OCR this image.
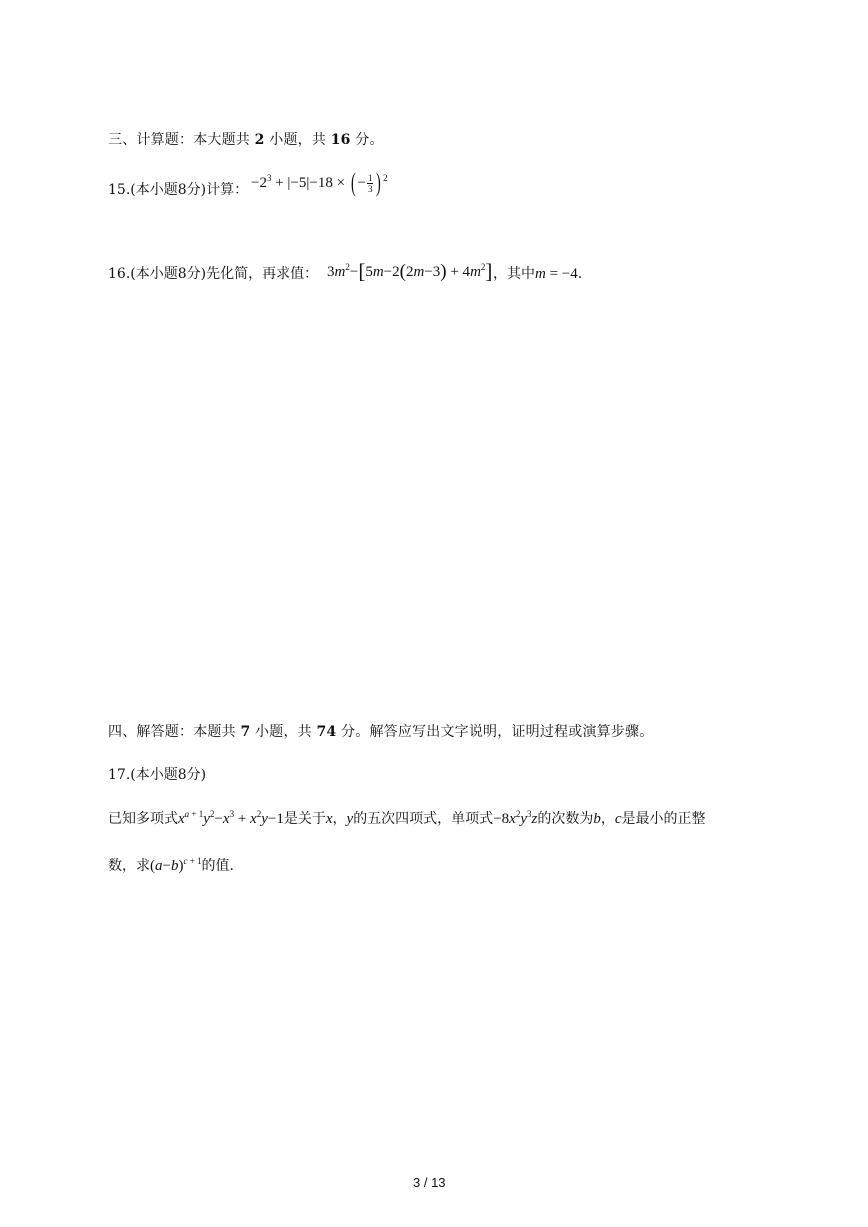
三、计算题：本大题共 2 小题，共 16 分。
15.(本小题8分)计算： $-2^3 + |-5|-18$ × ( − $\frac{1}{3}$ ) $^2$
16.(本小题8分)先化简，再求值： $3m^2-[5m-2(2m-3) + 4m^2]$ ，其中m = −4.
四、解答题：本题共 7 小题，共 74 分。解答应写出文字说明，证明过程或演算步骤。
17.(本小题8分)
已知多项式$x^{a + 1}y^2-x^3 + x^2y-1$是关于x，y的五次四项式，单项式$-8x^2y^3z$的次数为b，c是最小的正整
数，求$(a-b)^{c + 1}$的值.
3 / 13
